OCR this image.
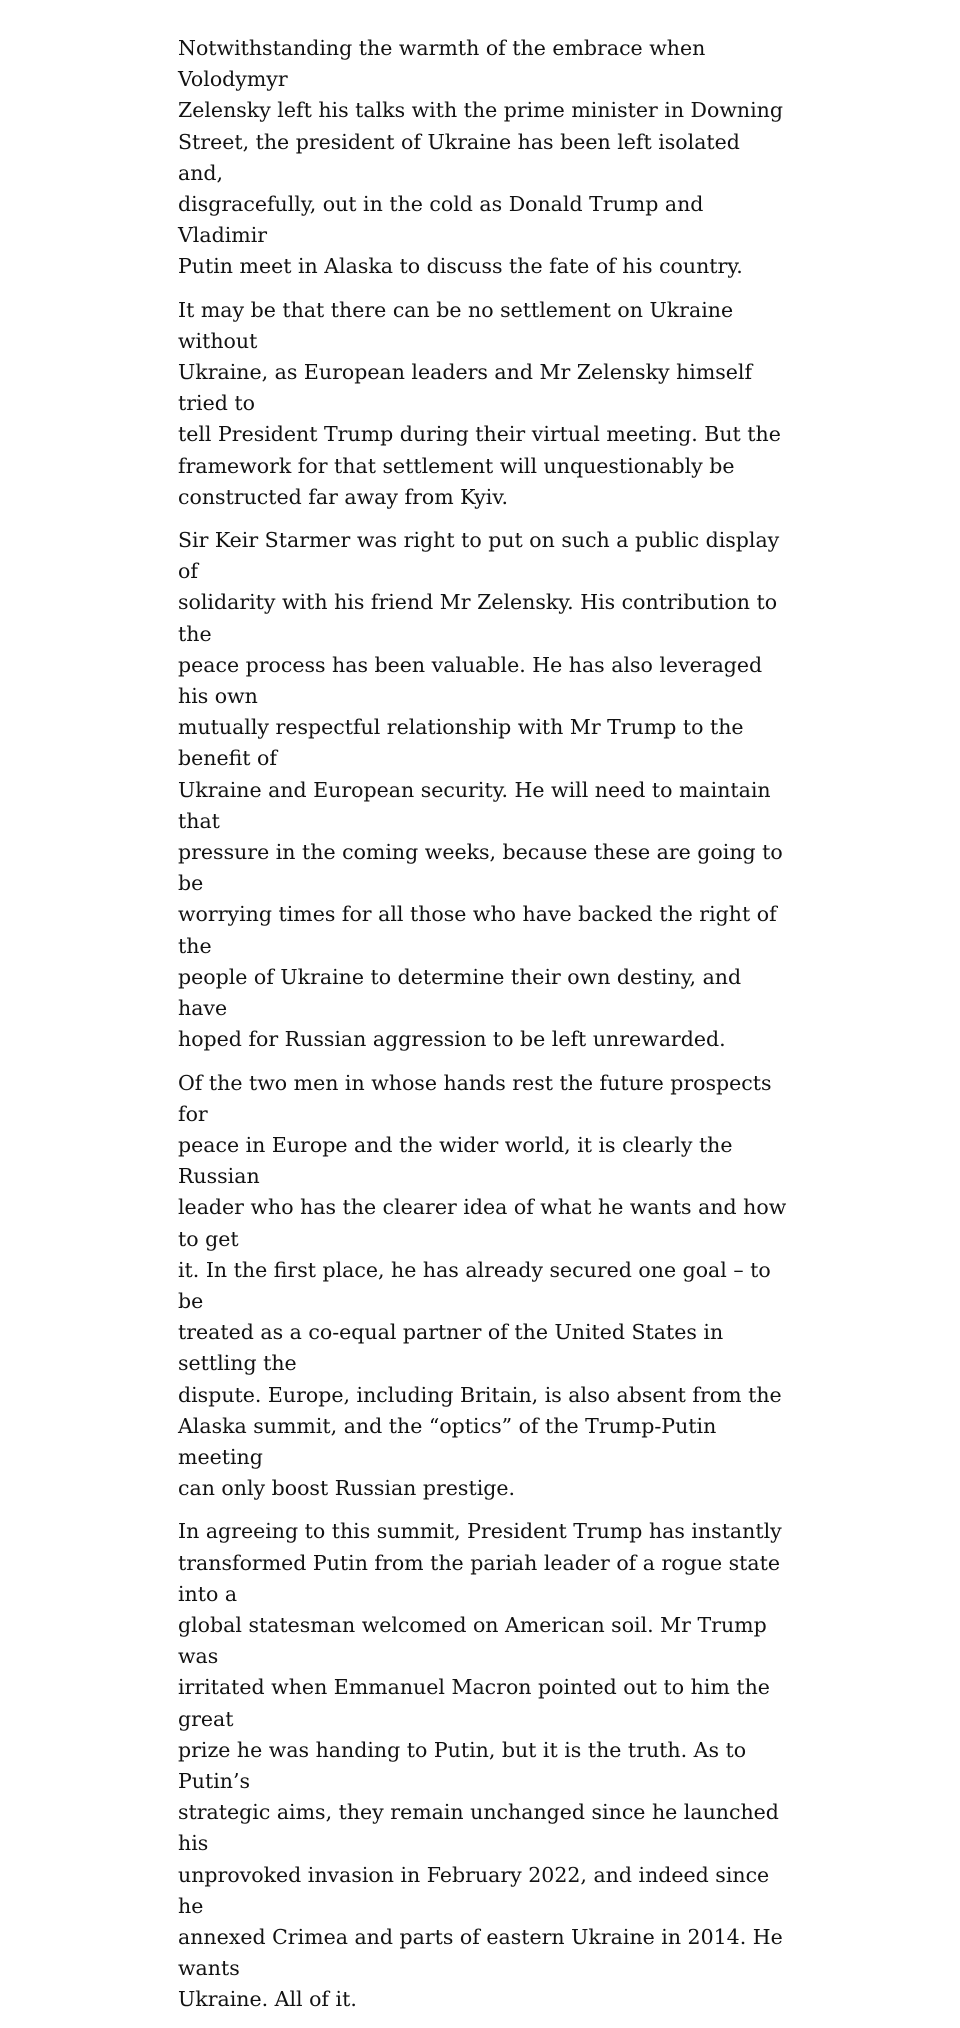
Notwithstanding the warmth of the embrace when Volodymyr
Zelensky left his talks with the prime minister in Downing
Street, the president of Ukraine has been left isolated and,
disgracefully, out in the cold as Donald Trump and Vladimir
Putin meet in Alaska to discuss the fate of his country.

It may be that there can be no settlement on Ukraine without
Ukraine, as European leaders and Mr Zelensky himself tried to
tell President Trump during their virtual meeting. But the
framework for that settlement will unquestionably be
constructed far away from Kyiv.

Sir Keir Starmer was right to put on such a public display of
solidarity with his friend Mr Zelensky. His contribution to the
peace process has been valuable. He has also leveraged his own
mutually respectful relationship with Mr Trump to the benefit of
Ukraine and European security. He will need to maintain that
pressure in the coming weeks, because these are going to be
worrying times for all those who have backed the right of the
people of Ukraine to determine their own destiny, and have
hoped for Russian aggression to be left unrewarded.

Of the two men in whose hands rest the future prospects for
peace in Europe and the wider world, it is clearly the Russian
leader who has the clearer idea of what he wants and how to get
it. In the first place, he has already secured one goal – to be
treated as a co-equal partner of the United States in settling the
dispute. Europe, including Britain, is also absent from the
Alaska summit, and the “optics” of the Trump-Putin meeting
can only boost Russian prestige.

In agreeing to this summit, President Trump has instantly
transformed Putin from the pariah leader of a rogue state into a
global statesman welcomed on American soil. Mr Trump was
irritated when Emmanuel Macron pointed out to him the great
prize he was handing to Putin, but it is the truth. As to Putin’s
strategic aims, they remain unchanged since he launched his
unprovoked invasion in February 2022, and indeed since he
annexed Crimea and parts of eastern Ukraine in 2014. He wants
Ukraine. All of it.
